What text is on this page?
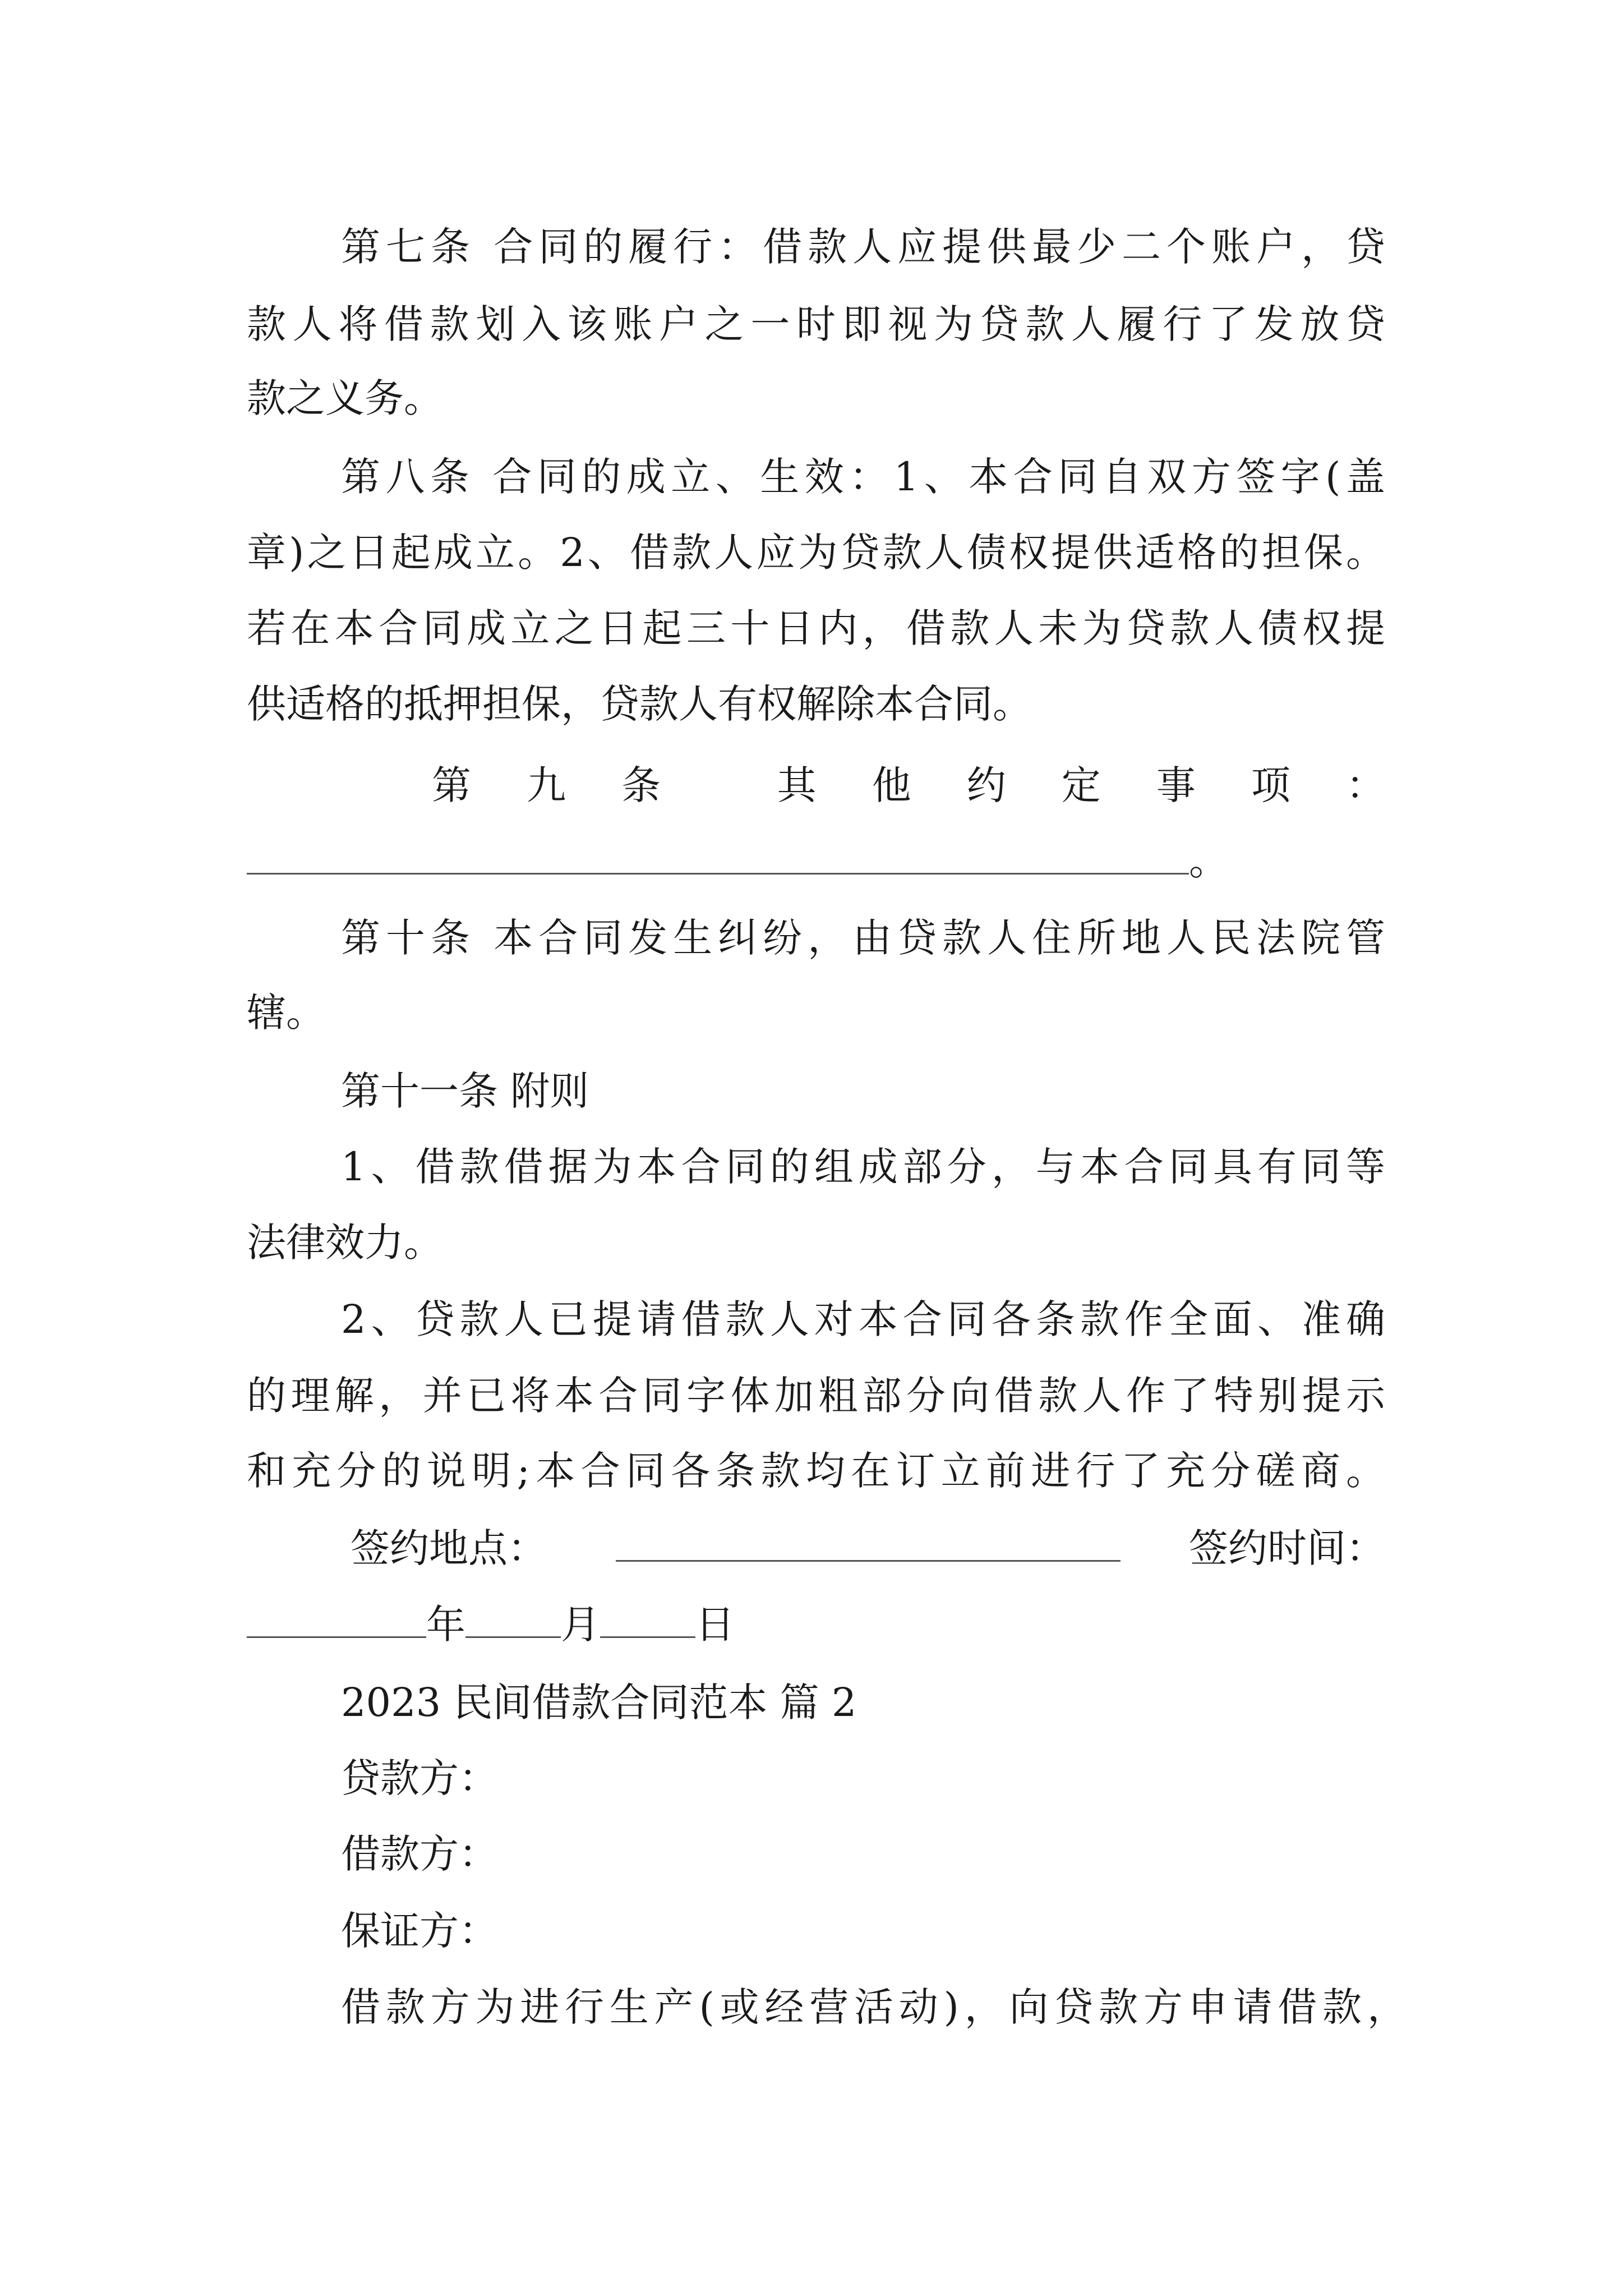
第七条 合同的履行：借款人应提供最少二个账户，贷
款人将借款划入该账户之一时即视为贷款人履行了发放贷
款之义务。
第八条 合同的成立、生效：1、本合同自双方签字(盖
章)之日起成立。2、借款人应为贷款人债权提供适格的担保。
若在本合同成立之日起三十日内，借款人未为贷款人债权提
供适格的抵押担保，贷款人有权解除本合同。
第 九 条　 其 他 约 定 事 项 ：
。
第十条 本合同发生纠纷，由贷款人住所地人民法院管
辖。
第十一条 附则
1、借款借据为本合同的组成部分，与本合同具有同等
法律效力。
2、贷款人已提请借款人对本合同各条款作全面、准确
的理解，并已将本合同字体加粗部分向借款人作了特别提示
和充分的说明;本合同各条款均在订立前进行了充分磋商。
签约地点：	签约时间：
年 月 日
2023 民间借款合同范本 篇 2
贷款方：
借款方：
保证方：
借款方为进行生产(或经营活动)，向贷款方申请借款，
